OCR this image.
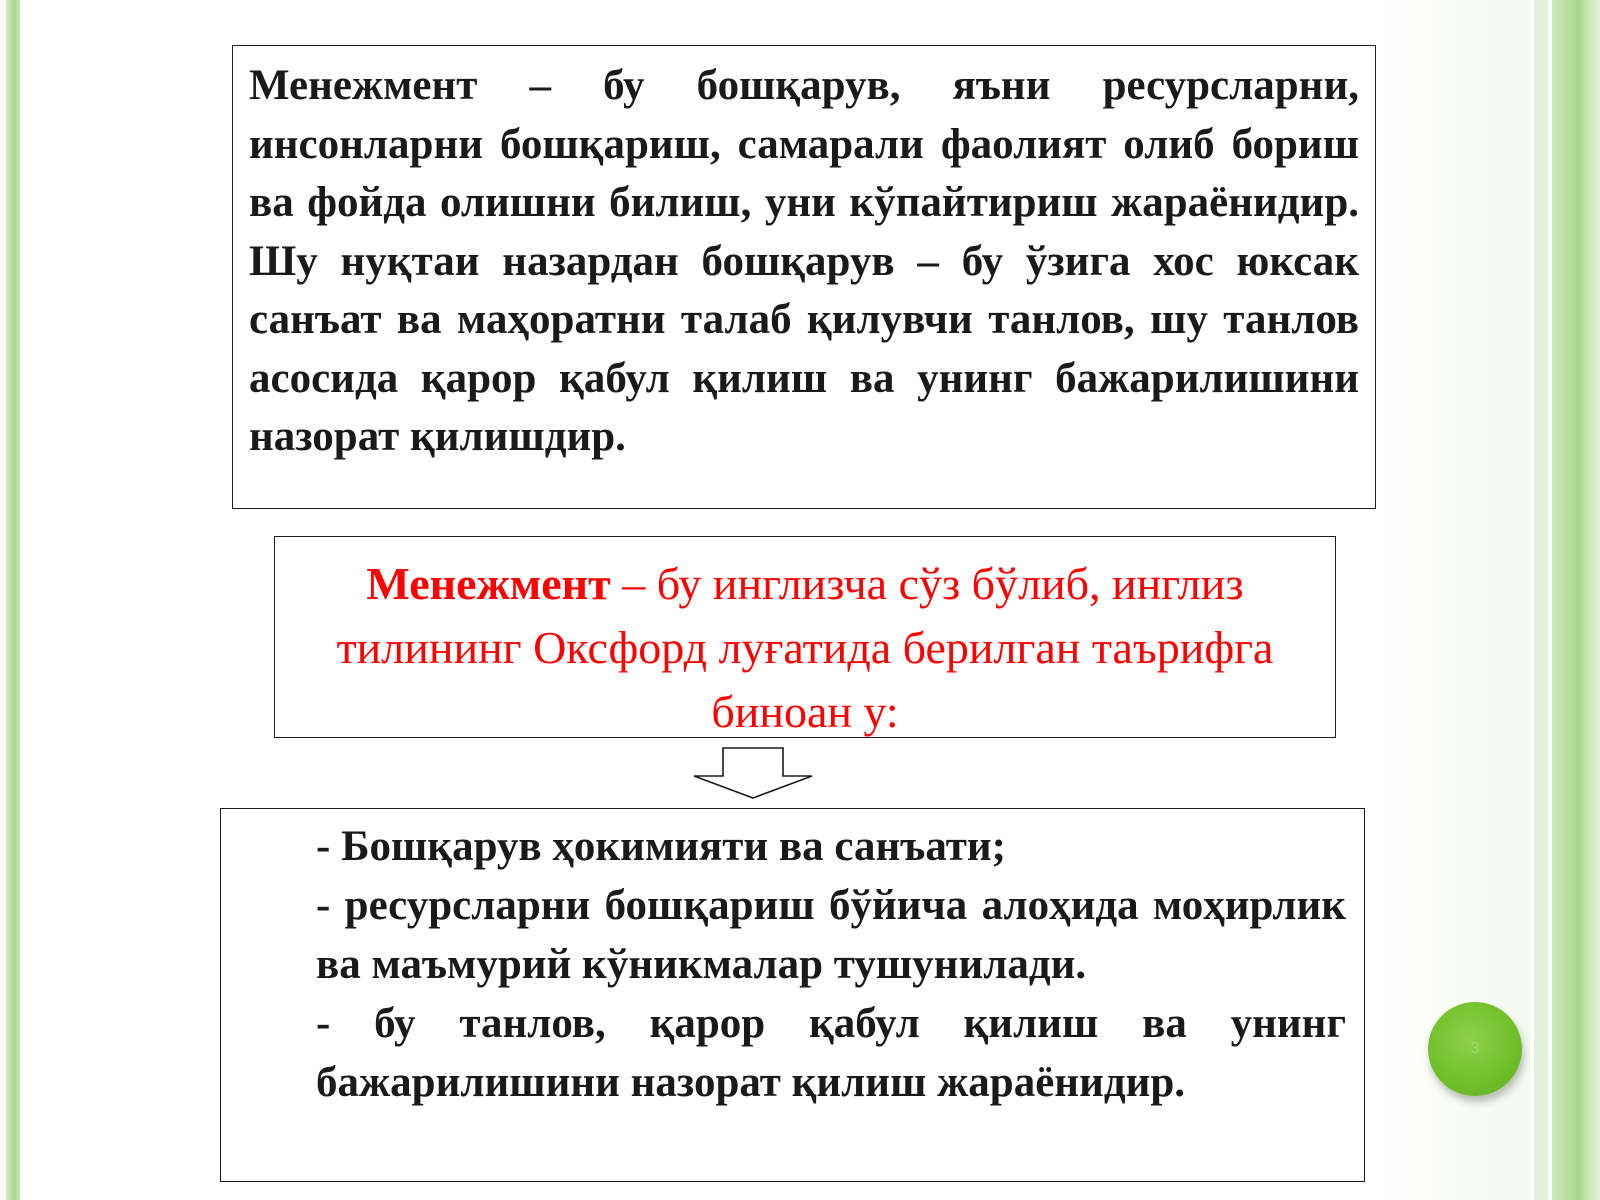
Менежмент – бу бошқарув, яъни ресурсларни, инсонларни бошқариш, самарали фаолият олиб бориш ва фойда олишни билиш, уни кўпайтириш жараёнидир. Шу нуқтаи назардан бошқарув – бу ўзига хос юксак санъат ва маҳоратни талаб қилувчи танлов, шу танлов асосида қарор қабул қилиш ва унинг бажарилишини назорат қилишдир.

Менежмент – бу инглизча сўз бўлиб, инглиз тилининг Оксфорд луғатида берилган таърифга биноан у:

- Бошқарув ҳокимияти ва санъати;

- ресурсларни бошқариш бўйича алоҳида моҳирлик ва маъмурий кўникмалар тушунилади.

- бу танлов, қарор қабул қилиш ва унинг бажарилишини назорат қилиш жараёнидир.

3
